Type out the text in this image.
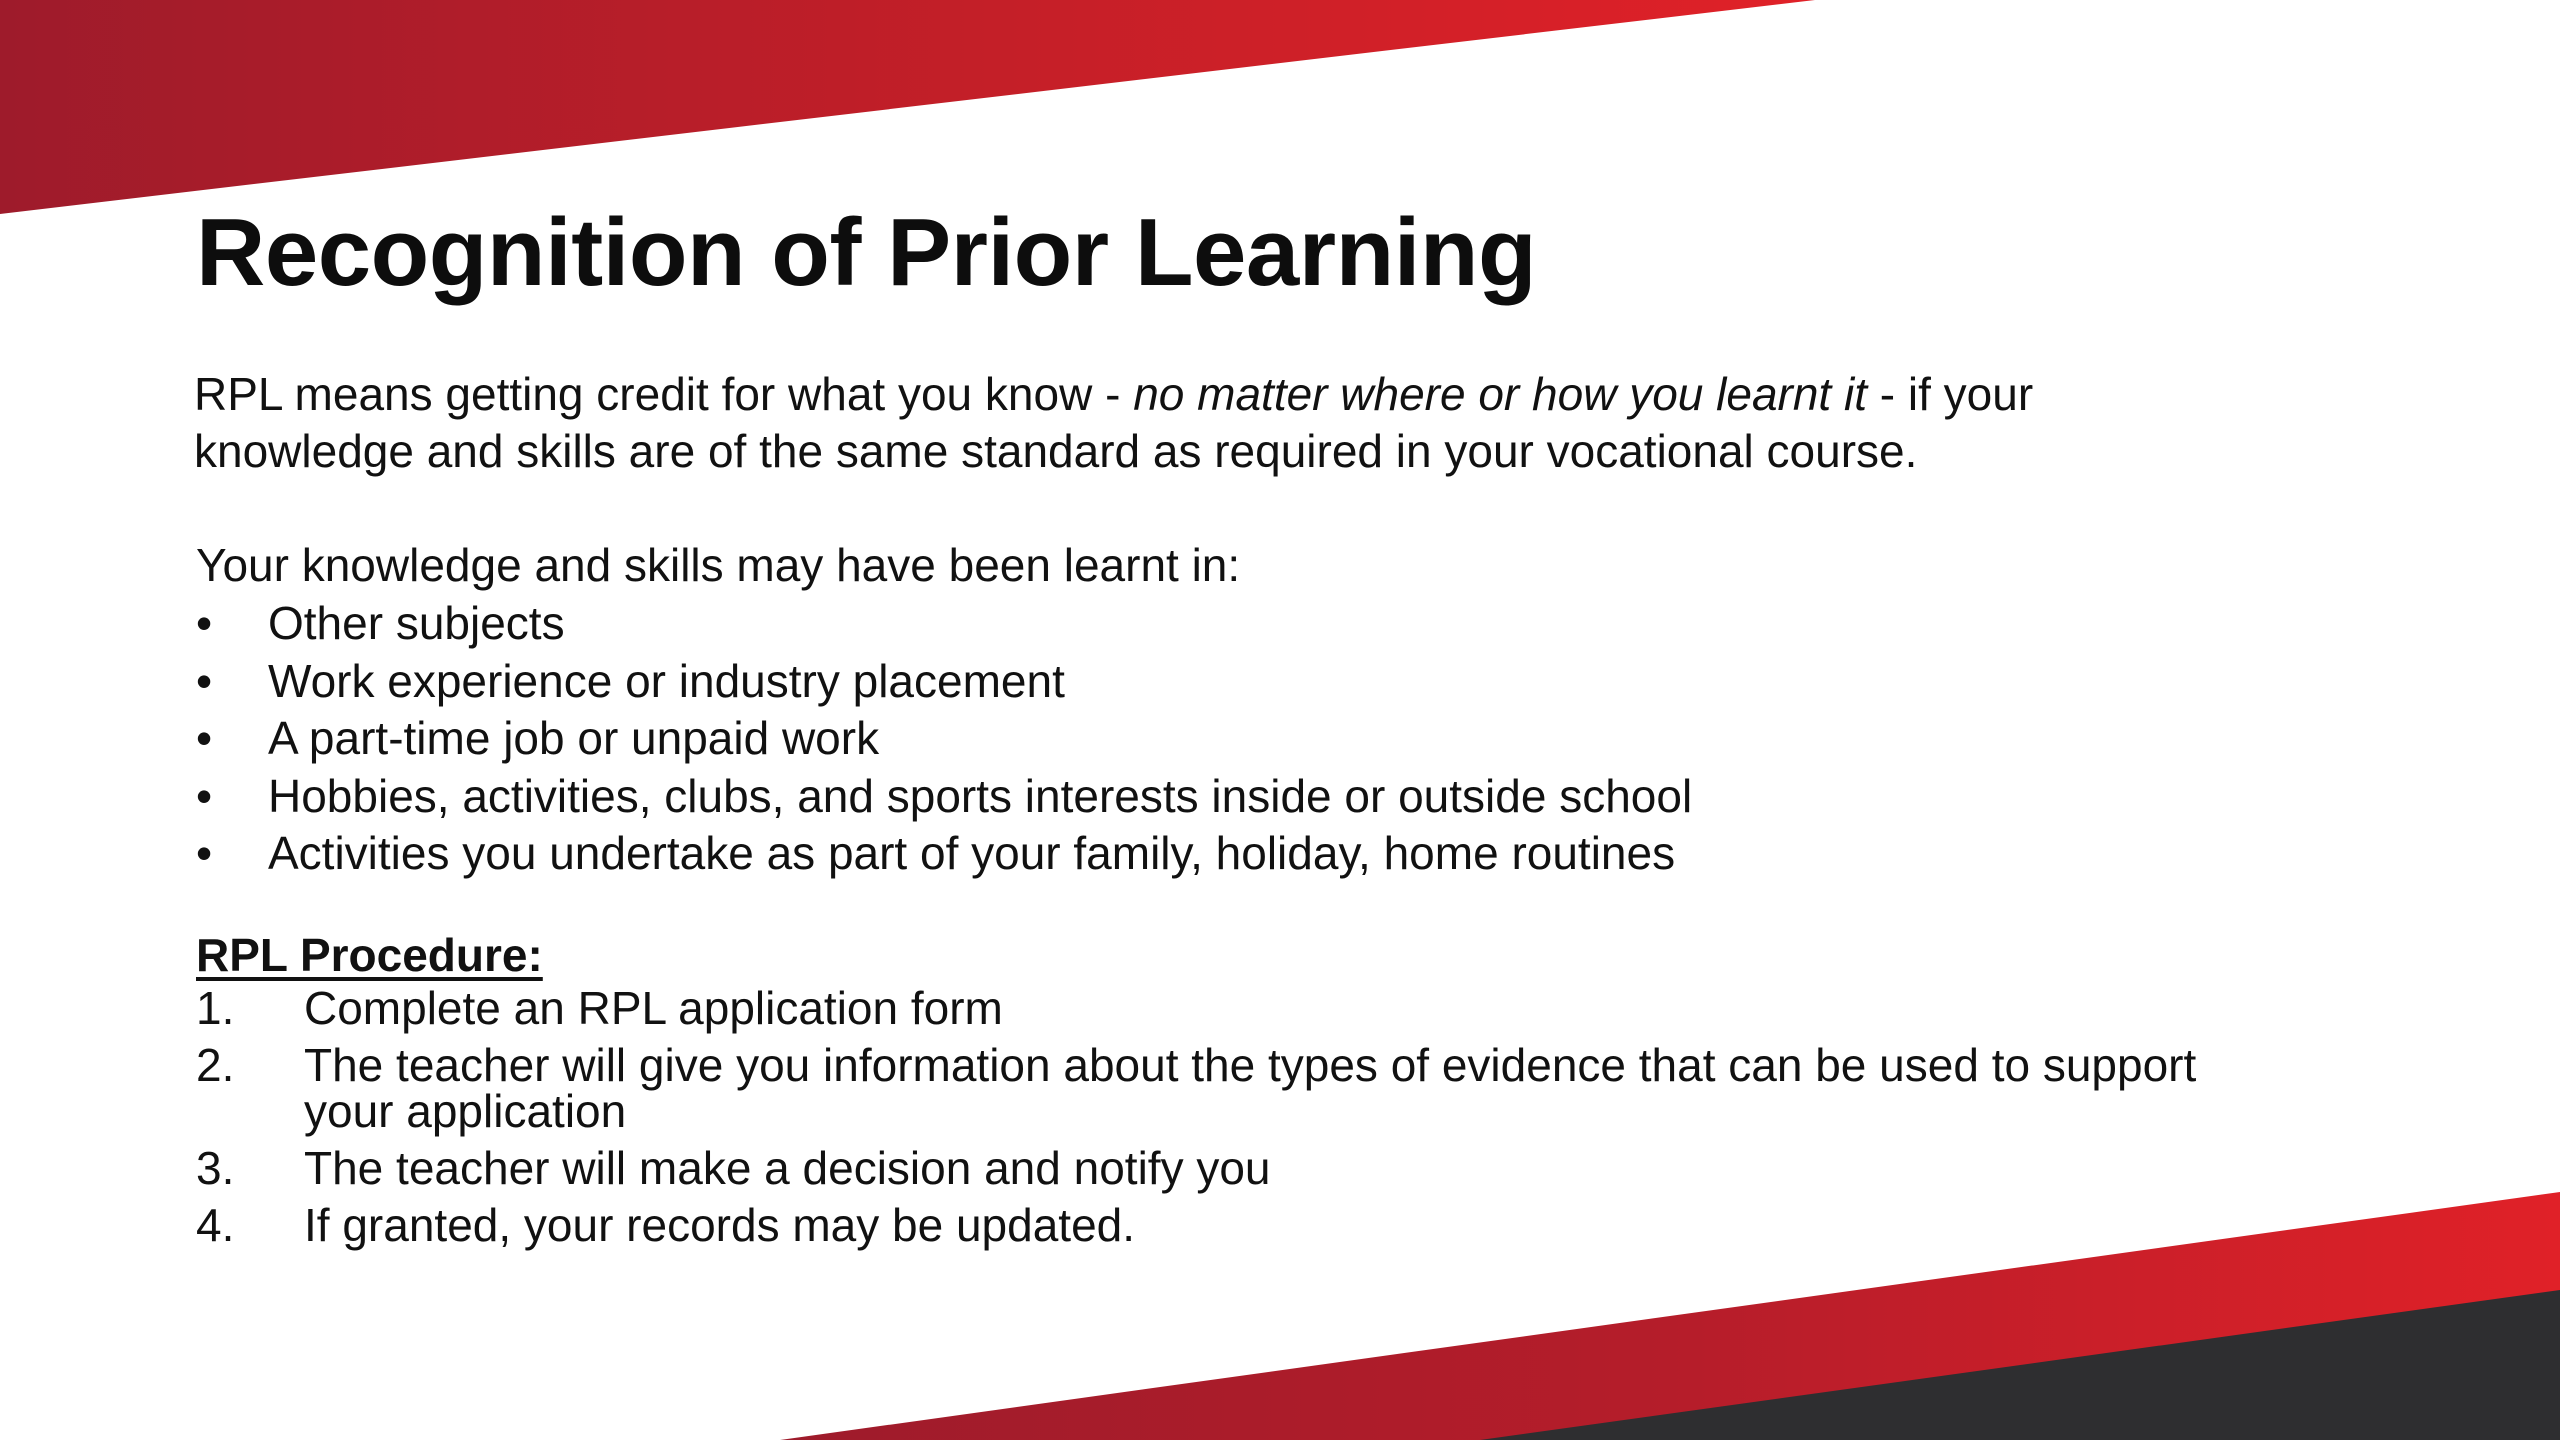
Recognition of Prior Learning

RPL means getting credit for what you know - no matter where or how you learnt it - if your
knowledge and skills are of the same standard as required in your vocational course.

Your knowledge and skills may have been learnt in:

• Other subjects
• Work experience or industry placement
• A part-time job or unpaid work
• Hobbies, activities, clubs, and sports interests inside or outside school
• Activities you undertake as part of your family, holiday, home routines

RPL Procedure:

1. Complete an RPL application form
2. The teacher will give you information about the types of evidence that can be used to support your application
3. The teacher will make a decision and notify you
4. If granted, your records may be updated.
